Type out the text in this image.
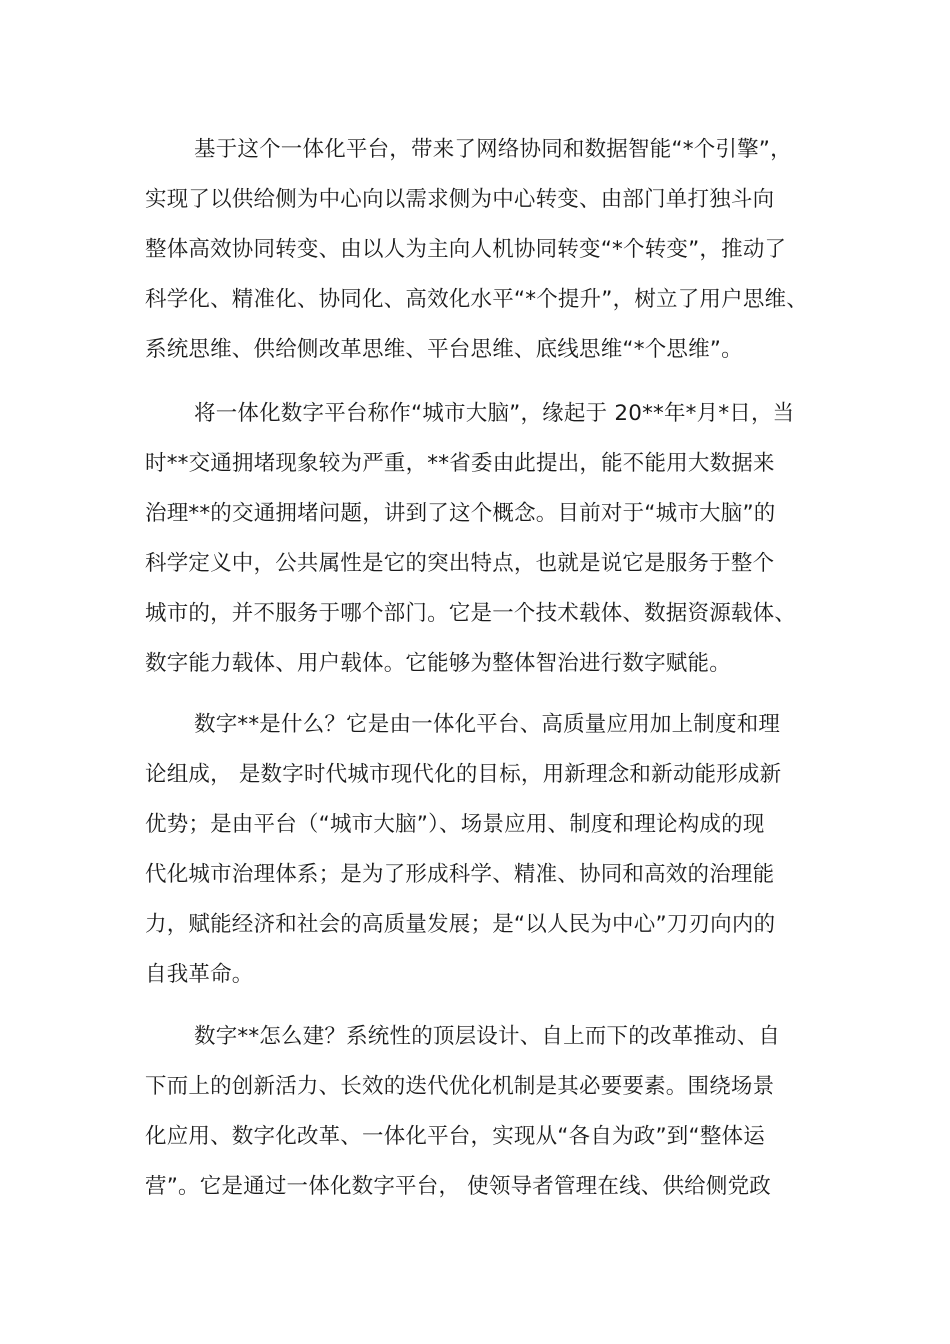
基于这个一体化平台，带来了网络协同和数据智能“*个引擎”，
实现了以供给侧为中心向以需求侧为中心转变、由部门单打独斗向
整体高效协同转变、由以人为主向人机协同转变“*个转变”，推动了
科学化、精准化、协同化、高效化水平“*个提升”，树立了用户思维、
系统思维、供给侧改革思维、平台思维、底线思维“*个思维”。
将一体化数字平台称作“城市大脑”，缘起于 20**年*月*日，当
时**交通拥堵现象较为严重，**省委由此提出，能不能用大数据来
治理**的交通拥堵问题，讲到了这个概念。目前对于“城市大脑”的
科学定义中，公共属性是它的突出特点，也就是说它是服务于整个
城市的，并不服务于哪个部门。它是一个技术载体、数据资源载体、
数字能力载体、用户载体。它能够为整体智治进行数字赋能。
数字**是什么？它是由一体化平台、高质量应用加上制度和理
论组成， 是数字时代城市现代化的目标，用新理念和新动能形成新
优势；是由平台（“城市大脑”）、场景应用、制度和理论构成的现
代化城市治理体系；是为了形成科学、精准、协同和高效的治理能
力，赋能经济和社会的高质量发展；是“以人民为中心”刀刃向内的
自我革命。
数字**怎么建？系统性的顶层设计、自上而下的改革推动、自
下而上的创新活力、长效的迭代优化机制是其必要要素。围绕场景
化应用、数字化改革、一体化平台，实现从“各自为政”到“整体运
营”。它是通过一体化数字平台， 使领导者管理在线、供给侧党政
